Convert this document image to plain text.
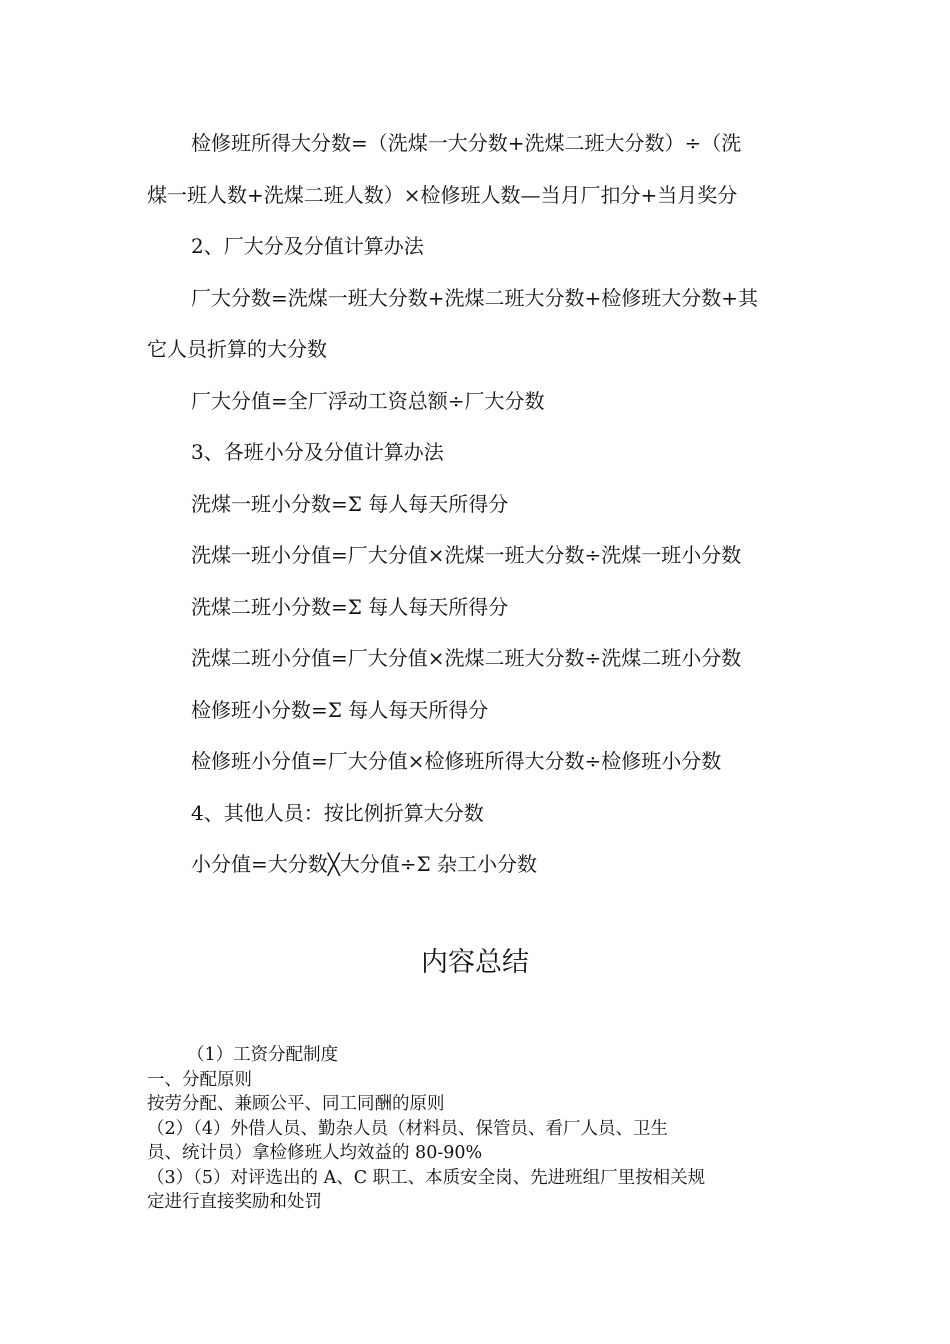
检修班所得大分数=（洗煤一大分数+洗煤二班大分数）÷（洗

煤一班人数+洗煤二班人数）×检修班人数—当月厂扣分+当月奖分

2、厂大分及分值计算办法

厂大分数=洗煤一班大分数+洗煤二班大分数+检修班大分数+其

它人员折算的大分数

厂大分值=全厂浮动工资总额÷厂大分数

3、各班小分及分值计算办法

洗煤一班小分数=Σ 每人每天所得分

洗煤一班小分值=厂大分值×洗煤一班大分数÷洗煤一班小分数

洗煤二班小分数=Σ 每人每天所得分

洗煤二班小分值=厂大分值×洗煤二班大分数÷洗煤二班小分数

检修班小分数=Σ 每人每天所得分

检修班小分值=厂大分值×检修班所得大分数÷检修班小分数

4、其他人员：按比例折算大分数

小分值=大分数╳大分值÷Σ 杂工小分数

内容总结

（1）工资分配制度

一、分配原则

按劳分配、兼顾公平、同工同酬的原则

（2）（4）外借人员、勤杂人员（材料员、保管员、看厂人员、卫生

员、统计员）拿检修班人均效益的 80-90%

（3）（5）对评选出的 A、C 职工、本质安全岗、先进班组厂里按相关规

定进行直接奖励和处罚
